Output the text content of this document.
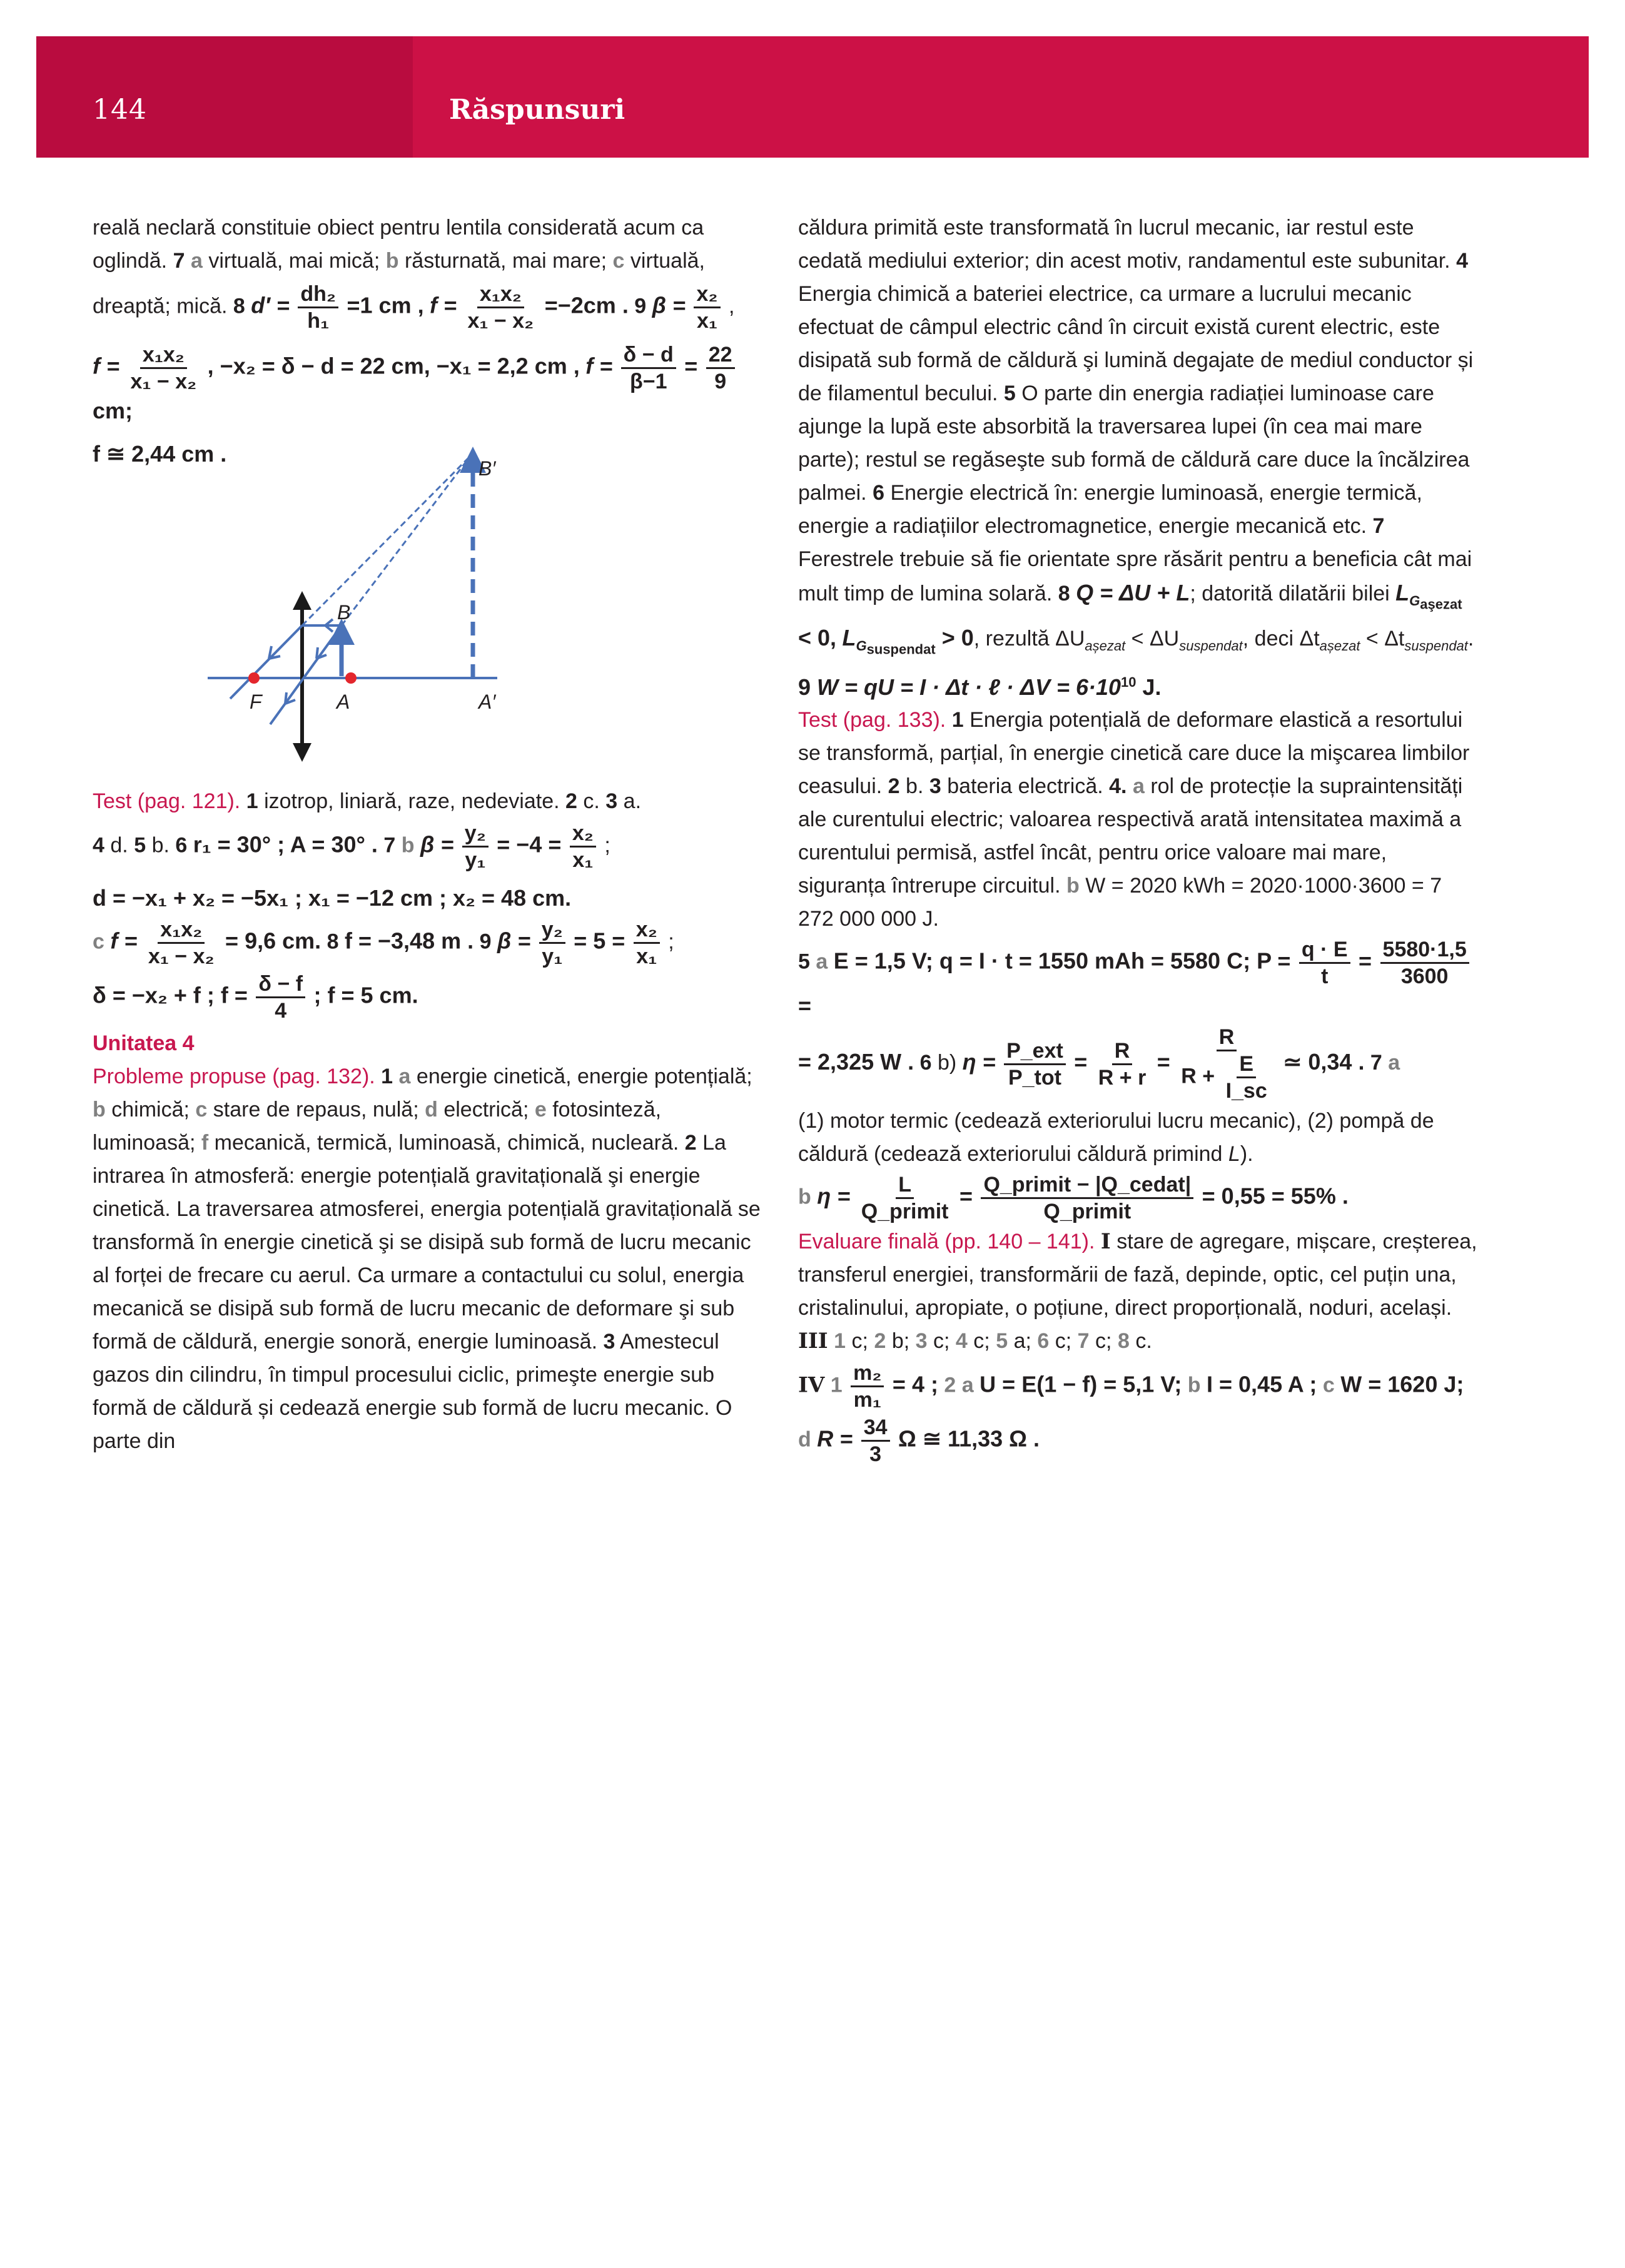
144	Răspunsuri

reală neclară constituie obiect pentru lentila considerată acum ca oglindă. 7 a virtuală, mai mică; b răsturnată, mai mare; c virtuală,

dreaptă; mică. 8 $d' = \frac{\text{dh₂}}{\text{h₁}} =1$ cm , $f = \frac{\text{x₁x₂}}{\text{x₁ − x₂}} =-2cm$ . 9 $\beta = \frac{\text{x₂}}{\text{x₁}}$ ,
$f = \frac{\text{x₁x₂}}{\text{x₁ − x₂}}$ , −x₂ = δ − d = 22 cm, −x₁ = 2,2 cm , $f = \frac{\delta - d}{\beta-1} = \frac{22}{9}$
cm;
f ≅ 2,44 cm .
B′
B
F	A	A′

Test (pag. 121). 1 izotrop, liniară, raze, nedeviate. 2 c. 3 a.

4 d. 5 b. 6 r₁ = 30° ; A = 30° . 7 b $\beta = \frac{\text{y₂}}{\text{y₁}} = -4 = \frac{\text{x₂}}{\text{x₁}}$ ;
d = −x₁ + x₂ = −5x₁ ; x₁ = −12 cm ; x₂ = 48 cm.
c $f = \frac{\text{x₁x₂}}{\text{x₁ − x₂}} = 9,6$ cm. 8 f = −3,48 m . 9 $\beta = \frac{\text{y₂}}{\text{y₁}} = 5 = \frac{\text{x₂}}{\text{x₁}}$ ;
δ = −x₂ + f ; $f = \frac{\delta - f}{4}$ ; f = 5 cm.
Unitatea 4

Probleme propuse (pag. 132). 1 a energie cinetică, energie potențială; b chimică; c stare de repaus, nulă; d electrică; e fotosinteză, luminoasă; f mecanică, termică, luminoasă, chimică, nucleară. 2 La intrarea în atmosferă: energie potențială gravitațională şi energie cinetică. La traversarea atmosferei, energia potențială gravitațională se transformă în energie cinetică şi se disipă sub formă de lucru mecanic al forței de frecare cu aerul. Ca urmare a contactului cu solul, energia mecanică se disipă sub formă de lucru mecanic de deformare şi sub formă de căldură, energie sonoră, energie luminoasă. 3 Amestecul gazos din cilindru, în timpul procesului ciclic, primeşte energie sub formă de căldură și cedează energie sub formă de lucru mecanic. O parte din

căldura primită este transformată în lucrul mecanic, iar restul este cedată mediului exterior; din acest motiv, randamentul este subunitar. 4 Energia chimică a bateriei electrice, ca urmare a lucrului mecanic efectuat de câmpul electric când în circuit există curent electric, este disipată sub formă de căldură şi lumină degajate de mediul conductor și de filamentul becului. 5 O parte din energia radiației luminoase care ajunge la lupă este absorbită la traversarea lupei (în cea mai mare parte); restul se regăseşte sub formă de căldură care duce la încălzirea palmei. 6 Energie electrică în: energie luminoasă, energie termică, energie a radiațiilor electromagnetice, energie mecanică etc. 7 Ferestrele trebuie să fie orientate spre răsărit pentru a beneficia cât mai mult timp de lumina solară. 8 Q = ΔU + L; datorită dilatării bilei $L_{G_{aşezat}} < 0$, $L_{G_{suspendat}} > 0$, rezultă $\Delta U_{așezat} < \Delta U_{suspendat}$, deci $\Delta t_{așezat} < \Delta t_{suspendat}$.

9 W = qU = I · Δt · ℓ · $\Delta V = 6\cdot 10^{10}$ J.

Test (pag. 133). 1 Energia potențială de deformare elastică a resortului se transformă, parțial, în energie cinetică care duce la mişcarea limbilor ceasului. 2 b. 3 bateria electrică. 4. a rol de protecție la supraintensități ale curentului electric; valoarea respectivă arată intensitatea maximă a curentului permisă, astfel încât, pentru orice valoare mai mare, siguranța întrerupe circuitul. b W = 2020 kWh = 2020·1000·3600 = 7 272 000 000 J.

5 a E = 1,5 V; q = I · t = 1550 mAh = 5580 C; $P = \frac{q \cdot E}{t} = \frac{5580\cdot 1,5}{3600}$
=
= 2,325 W . 6 b) $\eta = \frac{\text{P\_ext}}{\text{P\_tot}} = \frac{R}{R + r} = \frac{R}{R + \frac{E}{I\_sc}}$ ≃ 0,34 . 7 a

(1) motor termic (cedează exteriorului lucru mecanic), (2) pompă de căldură (cedează exteriorului căldură primind L).

b $\eta = \frac{L}{\text{Q\_primit}} = \frac{\text{Q\_primit − |Q\_cedat|}}{\text{Q\_primit}} = 0,55 = 55\%$ .

Evaluare finală (pp. 140 – 141). I stare de agregare, mișcare, creșterea, transferul energiei, transformării de fază, depinde, optic, cel puțin una, cristalinului, apropiate, o poțiune, direct proporțională, noduri, același. III 1 c; 2 b; 3 c; 4 c; 5 a; 6 c; 7 c; 8 c.

IV $1 \frac{\text{m₂}}{\text{m₁}} = 4$ ; 2 a U = E(1 − f) = 5,1 V; b I = 0,45 A ; c W = 1620 J;
d $R = \frac{34}{3}$ Ω ≅ 11,33 Ω .
